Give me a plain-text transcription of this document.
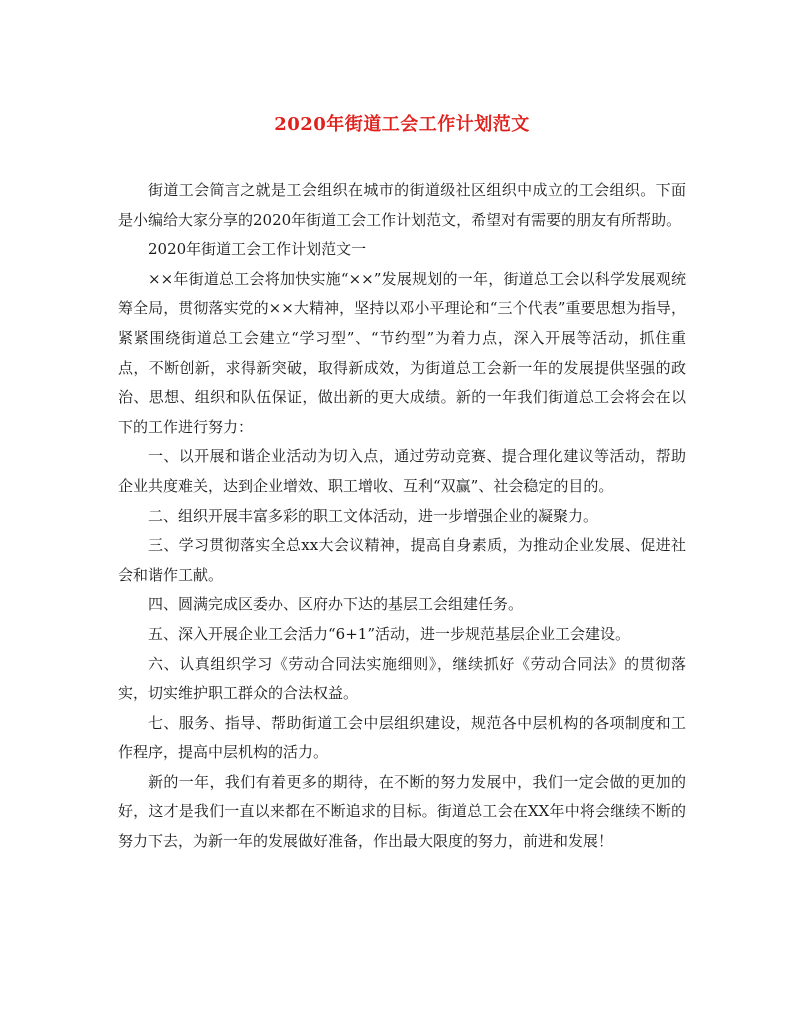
2020年街道工会工作计划范文

街道工会简言之就是工会组织在城市的街道级社区组织中成立的工会组织。下面是小编给大家分享的2020年街道工会工作计划范文，希望对有需要的朋友有所帮助。

2020年街道工会工作计划范文一

××年街道总工会将加快实施“××”发展规划的一年，街道总工会以科学发展观统筹全局，贯彻落实党的××大精神，坚持以邓小平理论和“三个代表”重要思想为指导，紧紧围绕街道总工会建立“学习型”、“节约型”为着力点，深入开展等活动，抓住重点，不断创新，求得新突破，取得新成效，为街道总工会新一年的发展提供坚强的政治、思想、组织和队伍保证，做出新的更大成绩。新的一年我们街道总工会将会在以下的工作进行努力：

一、以开展和谐企业活动为切入点，通过劳动竞赛、提合理化建议等活动，帮助企业共度难关，达到企业增效、职工增收、互利“双赢”、社会稳定的目的。

二、组织开展丰富多彩的职工文体活动，进一步增强企业的凝聚力。

三、学习贯彻落实全总xx大会议精神，提高自身素质，为推动企业发展、促进社会和谐作工献。

四、圆满完成区委办、区府办下达的基层工会组建任务。

五、深入开展企业工会活力“6+1”活动，进一步规范基层企业工会建设。

六、认真组织学习《劳动合同法实施细则》，继续抓好《劳动合同法》的贯彻落实，切实维护职工群众的合法权益。

七、服务、指导、帮助街道工会中层组织建设，规范各中层机构的各项制度和工作程序，提高中层机构的活力。

新的一年，我们有着更多的期待，在不断的努力发展中，我们一定会做的更加的好，这才是我们一直以来都在不断追求的目标。街道总工会在XX年中将会继续不断的努力下去，为新一年的发展做好准备，作出最大限度的努力，前进和发展！
